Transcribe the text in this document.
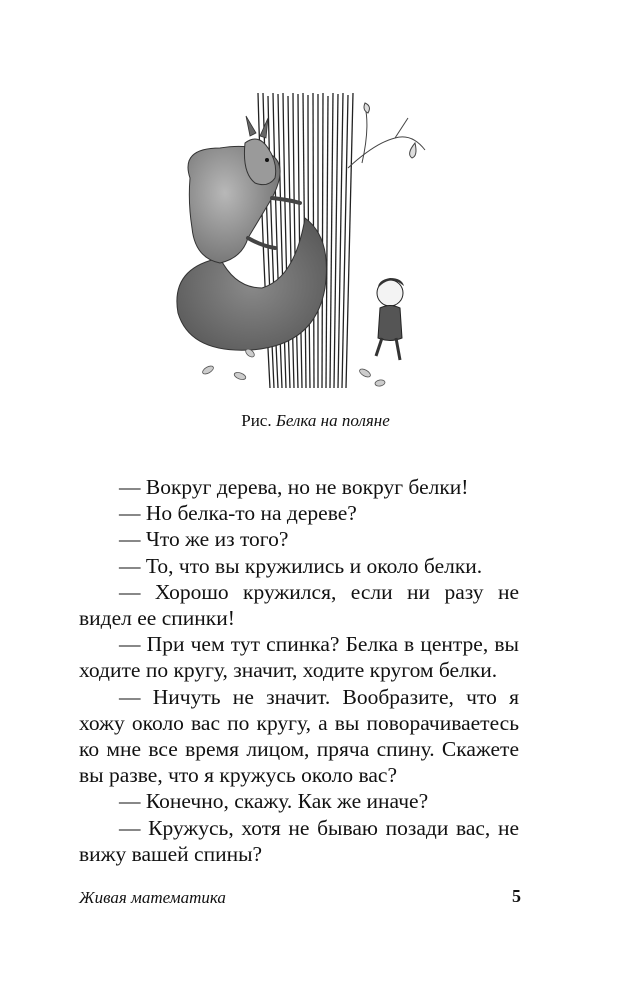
Рис. Белка на поляне

— Вокруг дерева, но не вокруг белки!

— Но белка-то на дереве?

— Что же из того?

— То, что вы кружились и около белки.

— Хорошо кружился, если ни разу не видел ее спинки!

— При чем тут спинка? Белка в центре, вы ходите по кругу, значит, ходите кругом белки.

— Ничуть не значит. Вообразите, что я хожу около вас по кругу, а вы поворачиваетесь ко мне все время лицом, пряча спину. Скажете вы разве, что я кружусь около вас?

— Конечно, скажу. Как же иначе?

— Кружусь, хотя не бываю позади вас, не вижу вашей спины?

Живая математика	5
